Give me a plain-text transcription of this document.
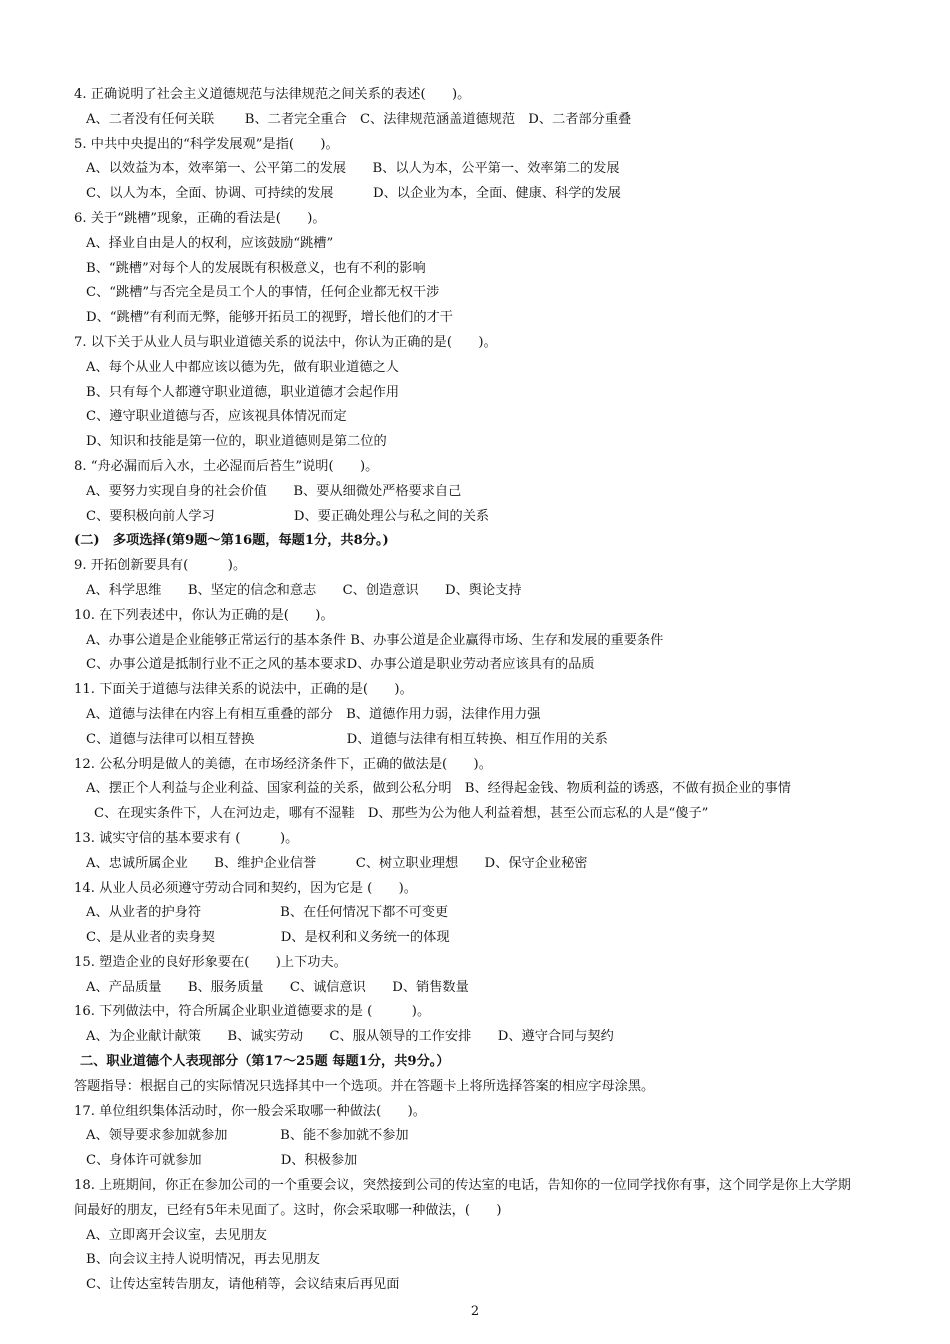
4. 正确说明了社会主义道德规范与法律规范之间关系的表述(　　)。
A、二者没有任何关联　　 B、二者完全重合　C、法律规范涵盖道德规范　D、二者部分重叠
5. 中共中央提出的“科学发展观”是指(　　)。
A、以效益为本，效率第一、公平第二的发展　　B、以人为本，公平第一、效率第二的发展
C、以人为本，全面、协调、可持续的发展　　　D、以企业为本，全面、健康、科学的发展
6. 关于“跳槽”现象，正确的看法是(　　)。
A、择业自由是人的权利，应该鼓励“跳槽”
B、“跳槽”对每个人的发展既有积极意义，也有不利的影响
C、“跳槽”与否完全是员工个人的事情，任何企业都无权干涉
D、“跳槽”有利而无弊，能够开拓员工的视野，增长他们的才干
7. 以下关于从业人员与职业道德关系的说法中，你认为正确的是(　　)。
A、每个从业人中都应该以德为先，做有职业道德之人
B、只有每个人都遵守职业道德，职业道德才会起作用
C、遵守职业道德与否，应该视具体情况而定
D、知识和技能是第一位的，职业道德则是第二位的
8. “舟必漏而后入水，土必湿而后苔生”说明(　　)。
A、要努力实现自身的社会价值　　B、要从细微处严格要求自己
C、要积极向前人学习　　　　　　D、要正确处理公与私之间的关系
(二)　多项选择(第9题～第16题，每题1分，共8分。)
9. 开拓创新要具有(　　　)。
A、科学思维　　B、坚定的信念和意志　　C、创造意识　　D、舆论支持
10. 在下列表述中，你认为正确的是(　　)。
A、办事公道是企业能够正常运行的基本条件 B、办事公道是企业赢得市场、生存和发展的重要条件
C、办事公道是抵制行业不正之风的基本要求D、办事公道是职业劳动者应该具有的品质
11. 下面关于道德与法律关系的说法中，正确的是(　　)。
A、道德与法律在内容上有相互重叠的部分　B、道德作用力弱，法律作用力强
C、道德与法律可以相互替换　　　　　　　D、道德与法律有相互转换、相互作用的关系
12. 公私分明是做人的美德，在市场经济条件下，正确的做法是(　　)。
A、摆正个人利益与企业利益、国家利益的关系，做到公私分明　B、经得起金钱、物质利益的诱惑，不做有损企业的事情
C、在现实条件下，人在河边走，哪有不湿鞋　D、那些为公为他人利益着想，甚至公而忘私的人是“傻子”
13. 诚实守信的基本要求有 (　　　)。
A、忠诚所属企业　　B、维护企业信誉　　　C、树立职业理想　　D、保守企业秘密
14. 从业人员必须遵守劳动合同和契约，因为它是 (　　)。
A、从业者的护身符　　　　　　B、在任何情况下都不可变更
C、是从业者的卖身契　　　　　D、是权利和义务统一的体现
15. 塑造企业的良好形象要在(　　)上下功夫。
A、产品质量　　B、服务质量　　C、诚信意识　　D、销售数量
16. 下列做法中，符合所属企业职业道德要求的是 (　　　)。
A、为企业献计献策　　B、诚实劳动　　C、服从领导的工作安排　　D、遵守合同与契约
二、职业道德个人表现部分（第17～25题 每题1分，共9分。）
答题指导：根据自己的实际情况只选择其中一个选项。并在答题卡上将所选择答案的相应字母涂黑。
17. 单位组织集体活动时，你一般会采取哪一种做法(　　)。
A、领导要求参加就参加　　　　B、能不参加就不参加
C、身体许可就参加　　　　　　D、积极参加
18. 上班期间，你正在参加公司的一个重要会议，突然接到公司的传达室的电话，告知你的一位同学找你有事，这个同学是你上大学期
间最好的朋友，已经有5年未见面了。这时，你会采取哪一种做法，(　　)
A、立即离开会议室，去见朋友
B、向会议主持人说明情况，再去见朋友
C、让传达室转告朋友，请他稍等，会议结束后再见面
2
